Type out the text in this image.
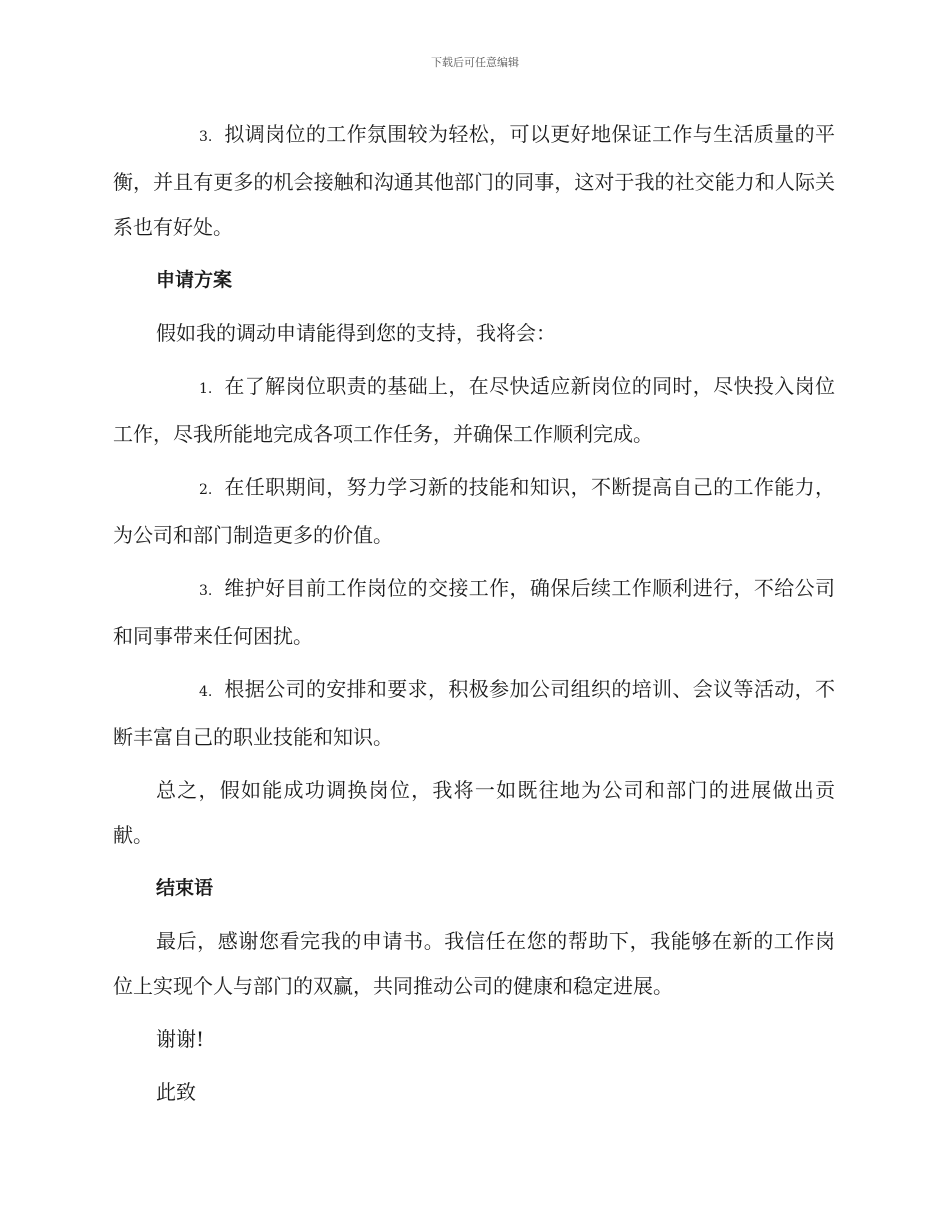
下载后可任意编辑

3. 拟调岗位的工作氛围较为轻松，可以更好地保证工作与生活质量的平衡，并且有更多的机会接触和沟通其他部门的同事，这对于我的社交能力和人际关系也有好处。

申请方案

假如我的调动申请能得到您的支持，我将会：

1. 在了解岗位职责的基础上，在尽快适应新岗位的同时，尽快投入岗位工作，尽我所能地完成各项工作任务，并确保工作顺利完成。

2. 在任职期间，努力学习新的技能和知识，不断提高自己的工作能力，为公司和部门制造更多的价值。

3. 维护好目前工作岗位的交接工作，确保后续工作顺利进行，不给公司和同事带来任何困扰。

4. 根据公司的安排和要求，积极参加公司组织的培训、会议等活动，不断丰富自己的职业技能和知识。

总之，假如能成功调换岗位，我将一如既往地为公司和部门的进展做出贡献。

结束语

最后，感谢您看完我的申请书。我信任在您的帮助下，我能够在新的工作岗位上实现个人与部门的双赢，共同推动公司的健康和稳定进展。

谢谢!

此致
